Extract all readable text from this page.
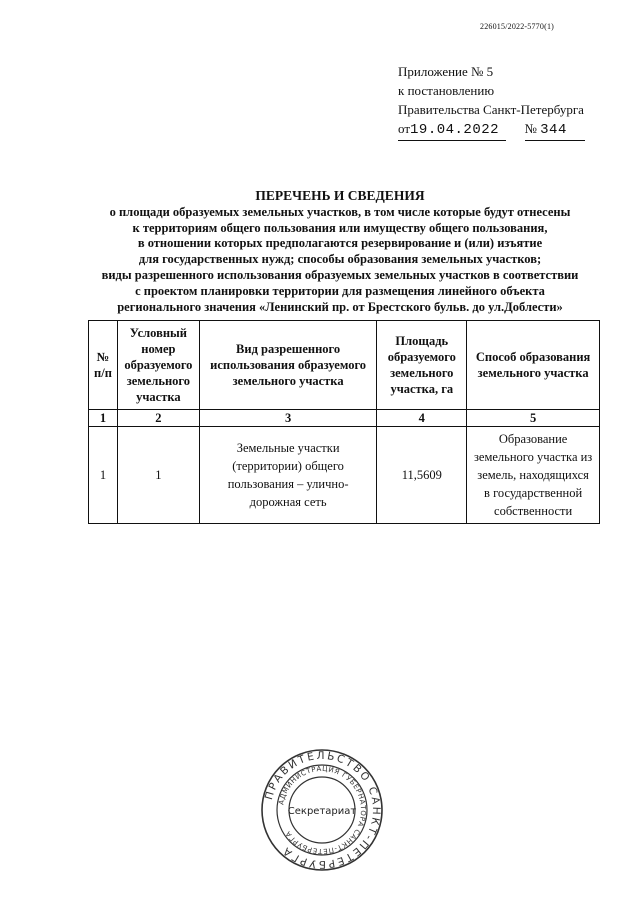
226015/2022-5770(1)
Приложение № 5
к постановлению
Правительства Санкт-Петербурга
от19.04.2022 № 344
ПЕРЕЧЕНЬ И СВЕДЕНИЯ
о площади образуемых земельных участков, в том числе которые будут отнесены
к территориям общего пользования или имуществу общего пользования,
в отношении которых предполагаются резервирование и (или) изъятие
для государственных нужд; способы образования земельных участков;
виды разрешенного использования образуемых земельных участков в соответствии
с проектом планировки территории для размещения линейного объекта
регионального значения «Ленинский пр. от Брестского бульв. до ул.Доблести»
№ п/п	Условный номер образуемого земельного участка	Вид разрешенного использования образуемого земельного участка	Площадь образуемого земельного участка, га	Способ образования земельного участка
1	2	3	4	5
1	1	Земельные участки (территории) общего пользования – улично-дорожная сеть	11,5609	Образование земельного участка из земель, находящихся в государственной собственности
ПРАВИТЕЛЬСТВО САНКТ-ПЕТЕРБУРГА
АДМИНИСТРАЦИЯ ГУБЕРНАТОРА САНКТ-ПЕТЕРБУРГА
Секретариат
